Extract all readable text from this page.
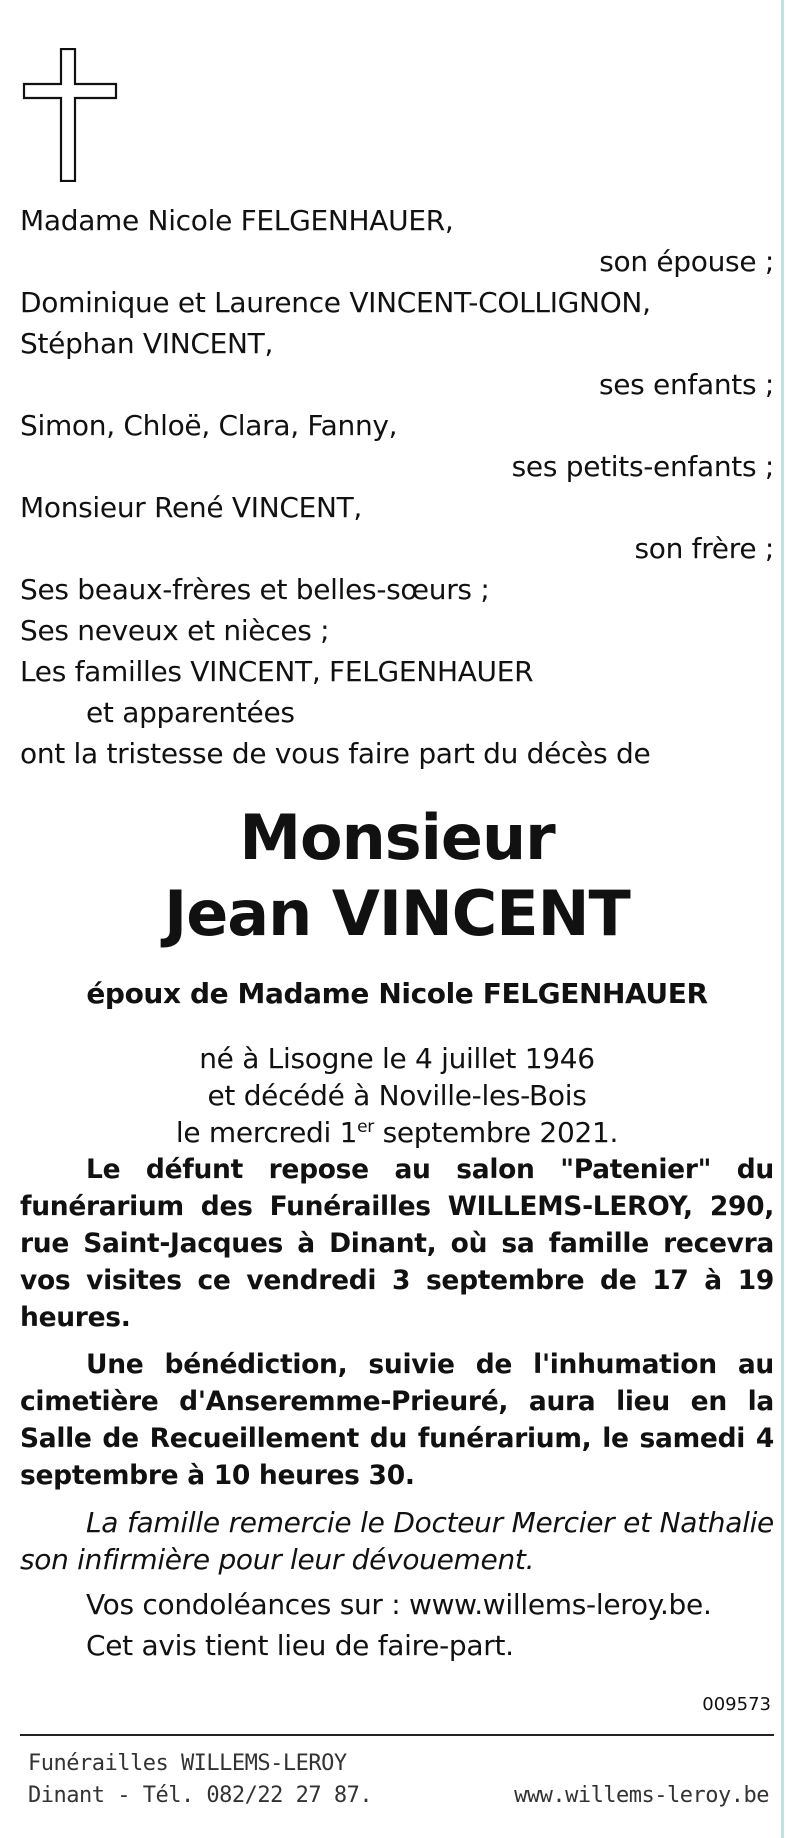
Madame Nicole FELGENHAUER,
son épouse ;
Dominique et Laurence VINCENT-COLLIGNON,
Stéphan VINCENT,
ses enfants ;
Simon, Chloë, Clara, Fanny,
ses petits-enfants ;
Monsieur René VINCENT,
son frère ;
Ses beaux-frères et belles-sœurs ;
Ses neveux et nièces ;
Les familles VINCENT, FELGENHAUER
et apparentées
ont la tristesse de vous faire part du décès de
Monsieur
Jean VINCENT
époux de Madame Nicole FELGENHAUER
né à Lisogne le 4 juillet 1946
et décédé à Noville-les-Bois
le mercredi 1er septembre 2021.
Le défunt repose au salon "Patenier" du funérarium des Funérailles WILLEMS-LEROY, 290, rue Saint-Jacques à Dinant, où sa famille recevra vos visites ce vendredi 3 septembre de 17 à 19 heures.
Une bénédiction, suivie de l'inhumation au cimetière d'Anseremme-Prieuré, aura lieu en la Salle de Recueillement du funérarium, le samedi 4 septembre à 10 heures 30.
La famille remercie le Docteur Mercier et Nathalie son infirmière pour leur dévouement.
Vos condoléances sur : www.willems-leroy.be.
Cet avis tient lieu de faire-part.
009573
Funérailles WILLEMS-LEROY
Dinant - Tél. 082/22 27 87.	www.willems-leroy.be
